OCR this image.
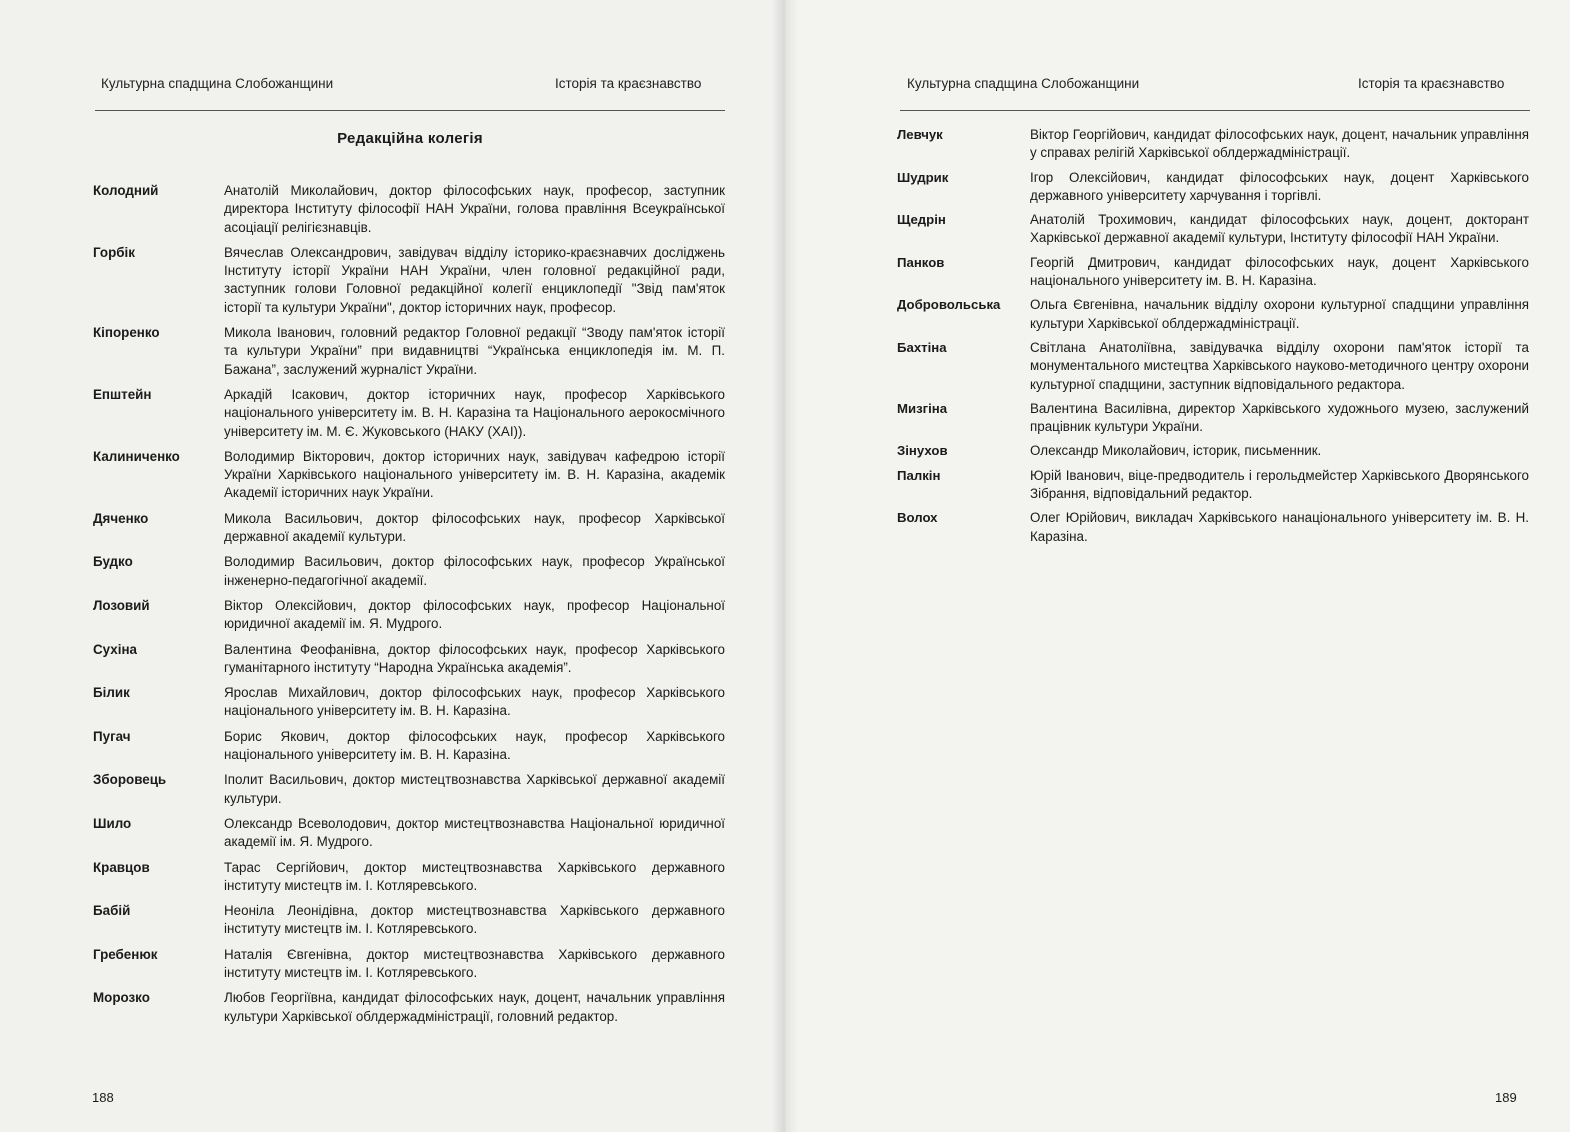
Культурна спадщина Слобожанщини	Історія та краєзнавство
Редакційна колегія
Колодний	Анатолій Миколайович, доктор філософських наук, професор, заступник директора Інституту філософії НАН України, голова правління Всеукраїнської асоціації релігієзнавців.
Горбік	Вячеслав Олександрович, завідувач відділу історико-краєзнавчих досліджень Інституту історії України НАН України, член головної редакційної ради, заступник голови Головної редакційної колегії енциклопедії "Звід пам'яток історії та культури України", доктор історичних наук, професор.
Кіпоренко	Микола Іванович, головний редактор Головної редакції “Зводу пам'яток історії та культури України” при видавництві “Українська енциклопедія ім. М. П. Бажана”, заслужений журналіст України.
Епштейн	Аркадій Ісакович, доктор історичних наук, професор Харківського національного університету ім. В. Н. Каразіна та Національного аерокосмічного університету ім. М. Є. Жуковського (НАКУ (ХАІ)).
Калиниченко	Володимир Вікторович, доктор історичних наук, завідувач кафедрою історії України Харківського національного університету ім. В. Н. Каразіна, академік Академії історичних наук України.
Дяченко	Микола Васильович, доктор філософських наук, професор Харківської державної академії культури.
Будко	Володимир Васильович, доктор філософських наук, професор Української інженерно-педагогічної академії.
Лозовий	Віктор Олексійович, доктор філософських наук, професор Національної юридичної академії ім. Я. Мудрого.
Сухіна	Валентина Феофанівна, доктор філософських наук, професор Харківського гуманітарного інституту “Народна Українська академія”.
Білик	Ярослав Михайлович, доктор філософських наук, професор Харківського національного університету ім. В. Н. Каразіна.
Пугач	Борис Якович, доктор філософських наук, професор Харківського національного університету ім. В. Н. Каразіна.
Зборовець	Іполит Васильович, доктор мистецтвознавства Харківської державної академії культури.
Шило	Олександр Всеволодович, доктор мистецтвознавства Національної юридичної академії ім. Я. Мудрого.
Кравцов	Тарас Сергійович, доктор мистецтвознавства Харківського державного інституту мистецтв ім. І. Котляревського.
Бабій	Неоніла Леонідівна, доктор мистецтвознавства Харківського державного інституту мистецтв ім. І. Котляревського.
Гребенюк	Наталія Євгенівна, доктор мистецтвознавства Харківського державного інституту мистецтв ім. І. Котляревського.
Морозко	Любов Георгіївна, кандидат філософських наук, доцент, начальник управління культури Харківської облдержадміністрації, головний редактор.
188
Культурна спадщина Слобожанщини	Історія та краєзнавство
Левчук	Віктор Георгійович, кандидат філософських наук, доцент, начальник управління у справах релігій Харківської облдержадміністрації.
Шудрик	Ігор Олексійович, кандидат філософських наук, доцент Харківського державного університету харчування і торгівлі.
Щедрін	Анатолій Трохимович, кандидат філософських наук, доцент, докторант Харківської державної академії культури, Інституту філософії НАН України.
Панков	Георгій Дмитрович, кандидат філософських наук, доцент Харківського національного університету ім. В. Н. Каразіна.
Добровольська	Ольга Євгенівна, начальник відділу охорони культурної спадщини управління культури Харківської облдержадміністрації.
Бахтіна	Світлана Анатоліївна, завідувачка відділу охорони пам'яток історії та монументального мистецтва Харківського науково-методичного центру охорони культурної спадщини, заступник відповідального редактора.
Мизгіна	Валентина Василівна, директор Харківського художнього музею, заслужений працівник культури України.
Зінухов	Олександр Миколайович, історик, письменник.
Палкін	Юрій Іванович, віце-предводитель і герольдмейстер Харківського Дворянського Зібрання, відповідальний редактор.
Волох	Олег Юрійович, викладач Харківського нанаціонального університету ім. В. Н. Каразіна.
189
